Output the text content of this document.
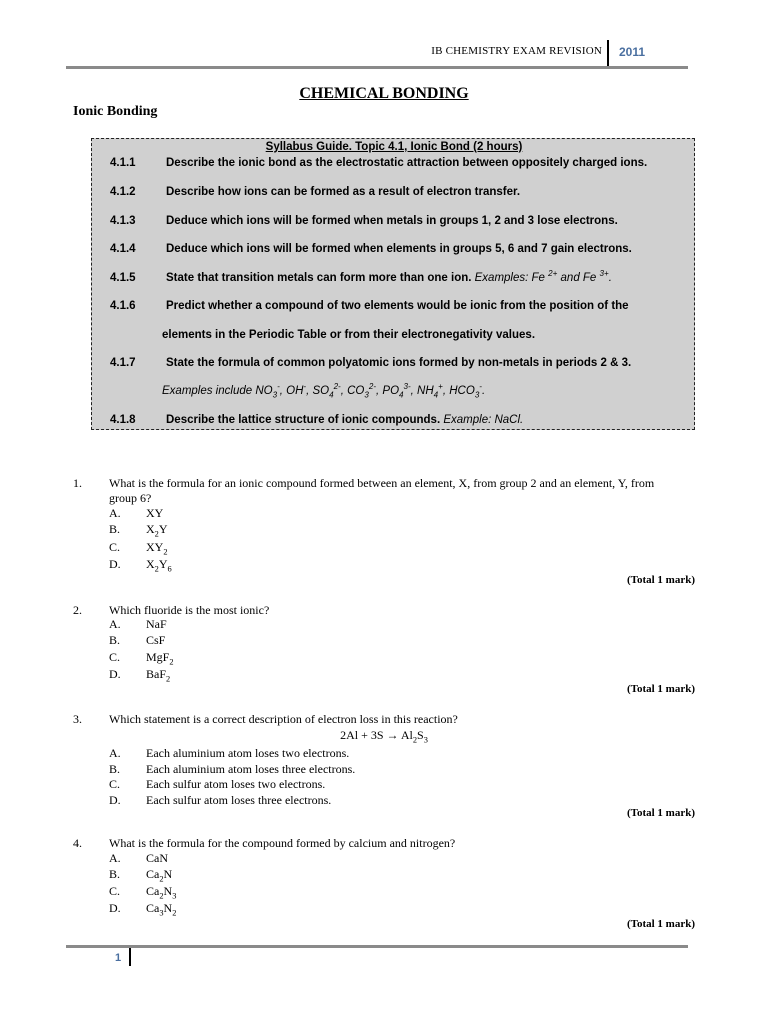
IB CHEMISTRY EXAM REVISION 2011
CHEMICAL BONDING
Ionic Bonding
Syllabus Guide. Topic 4.1, Ionic Bond (2 hours)
4.1.1	Describe the ionic bond as the electrostatic attraction between oppositely charged ions.
4.1.2	Describe how ions can be formed as a result of electron transfer.
4.1.3	Deduce which ions will be formed when metals in groups 1, 2 and 3 lose electrons.
4.1.4	Deduce which ions will be formed when elements in groups 5, 6 and 7 gain electrons.
4.1.5	State that transition metals can form more than one ion. Examples: Fe $^{2+}$ and Fe $^{3+}$.
4.1.6	Predict whether a compound of two elements would be ionic from the position of the
elements in the Periodic Table or from their electronegativity values.
4.1.7	State the formula of common polyatomic ions formed by non-metals in periods 2 & 3.
Examples include $NO_3^-$, OH-, $SO_4^{2-}$, $CO_3^{2-}$, $PO_4^{3-}$, $NH_4^+$, $HCO_3^-$.
4.1.8	Describe the lattice structure of ionic compounds. Example: NaCl.
1. What is the formula for an ionic compound formed between an element, X, from group 2 and an element, Y, from group 6?
A. XY
B. $X_2Y$
C. $XY_2$
D. $X_2Y_6$
(Total 1 mark)
2. Which fluoride is the most ionic?
A. NaF
B. CsF
C. MgF$_2$
D. BaF$_2$
(Total 1 mark)
3. Which statement is a correct description of electron loss in this reaction?
$2Al + 3S \to Al_2S_3$
A. Each aluminium atom loses two electrons.
B. Each aluminium atom loses three electrons.
C. Each sulfur atom loses two electrons.
D. Each sulfur atom loses three electrons.
(Total 1 mark)
4. What is the formula for the compound formed by calcium and nitrogen?
A. CaN
B. $Ca_2N$
C. $Ca_2N_3$
D. $Ca_3N_2$
(Total 1 mark)
1
